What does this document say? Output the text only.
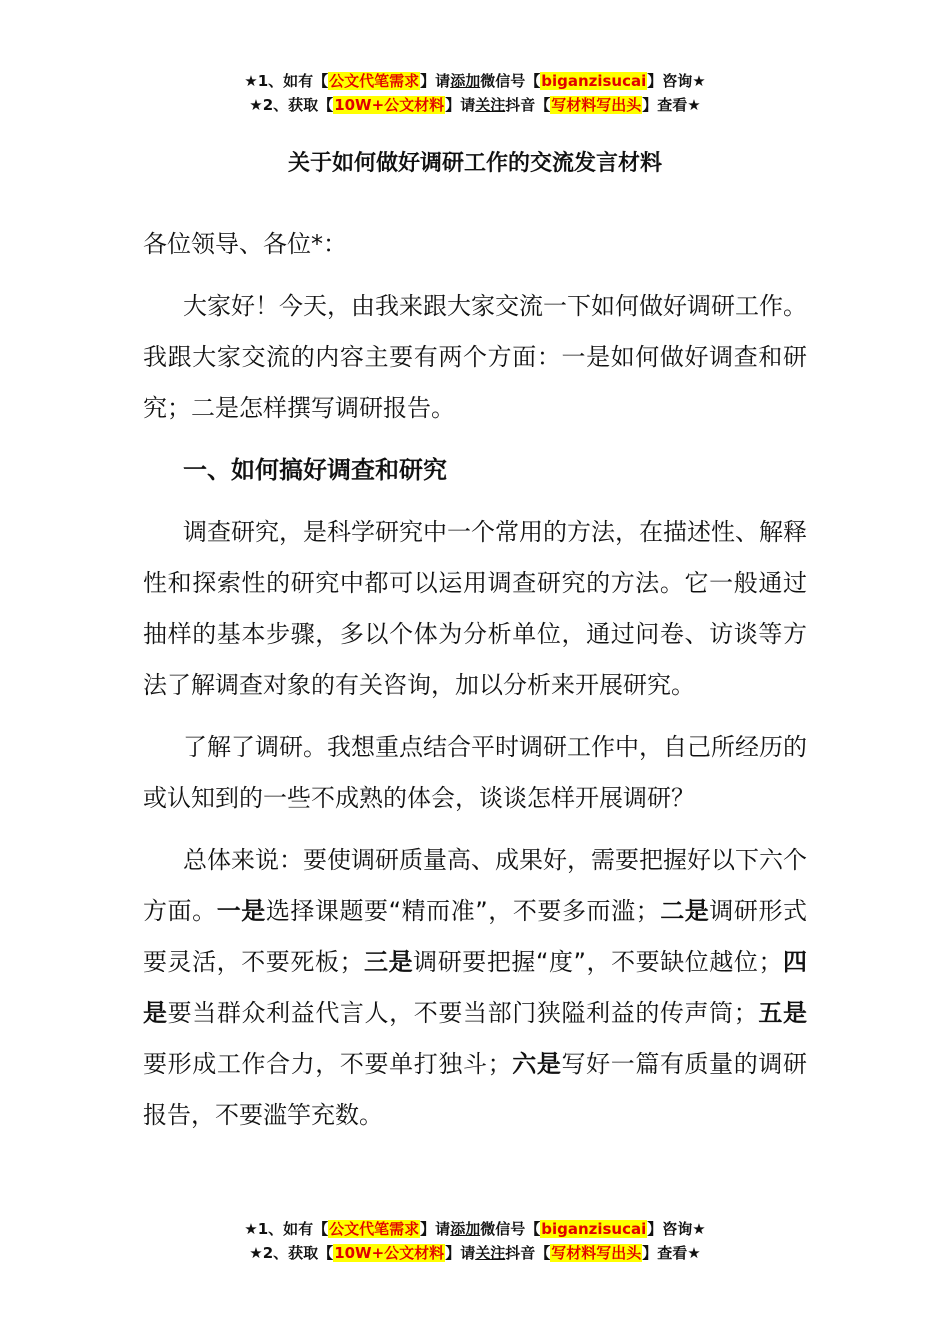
★1、如有【公文代笔需求】请添加微信号【biganzisucai】咨询★
★2、获取【10W+公文材料】请关注抖音【写材料写出头】查看★
关于如何做好调研工作的交流发言材料

各位领导、各位*：

大家好！今天，由我来跟大家交流一下如何做好调研工作。我跟大家交流的内容主要有两个方面：一是如何做好调查和研究；二是怎样撰写调研报告。

一、如何搞好调查和研究

调查研究，是科学研究中一个常用的方法，在描述性、解释性和探索性的研究中都可以运用调查研究的方法。它一般通过抽样的基本步骤，多以个体为分析单位，通过问卷、访谈等方法了解调查对象的有关咨询，加以分析来开展研究。

了解了调研。我想重点结合平时调研工作中，自己所经历的或认知到的一些不成熟的体会，谈谈怎样开展调研？

总体来说：要使调研质量高、成果好，需要把握好以下六个方面。一是选择课题要“精而准”，不要多而滥；二是调研形式要灵活，不要死板；三是调研要把握“度”，不要缺位越位；四是要当群众利益代言人，不要当部门狭隘利益的传声筒；五是要形成工作合力，不要单打独斗；六是写好一篇有质量的调研报告，不要滥竽充数。

★1、如有【公文代笔需求】请添加微信号【biganzisucai】咨询★
★2、获取【10W+公文材料】请关注抖音【写材料写出头】查看★
